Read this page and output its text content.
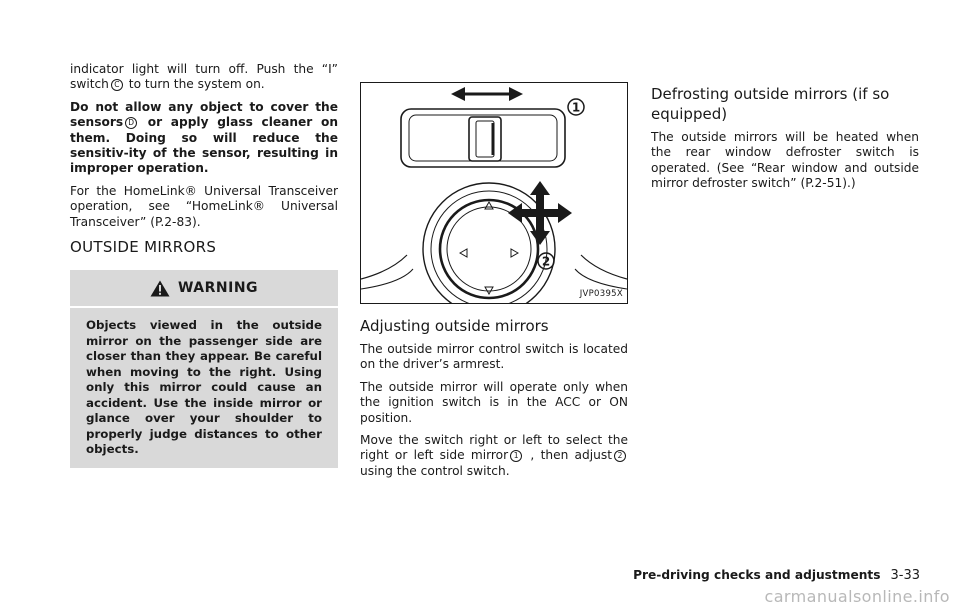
indicator light will turn off. Push the “I” switch C to turn the system on.

Do not allow any object to cover the sensors D or apply glass cleaner on them. Doing so will reduce the sensitiv-ity of the sensor, resulting in improper operation.

For the HomeLink® Universal Transceiver operation, see “HomeLink® Universal Transceiver” (P.2-83).

OUTSIDE MIRRORS
WARNING

Objects viewed in the outside mirror on the passenger side are closer than they appear. Be careful when moving to the right. Using only this mirror could cause an accident. Use the inside mirror or glance over your shoulder to properly judge distances to other objects.

1
2
JVP0395X
Adjusting outside mirrors

The outside mirror control switch is located on the driver’s armrest.

The outside mirror will operate only when the ignition switch is in the ACC or ON position.

Move the switch right or left to select the right or left side mirror 1 , then adjust 2 using the control switch.

Defrosting outside mirrors (if so equipped)

The outside mirrors will be heated when the rear window defroster switch is operated. (See “Rear window and outside mirror defroster switch” (P.2-51).)

Pre-driving checks and adjustments 3-33
carmanualsonline.info
